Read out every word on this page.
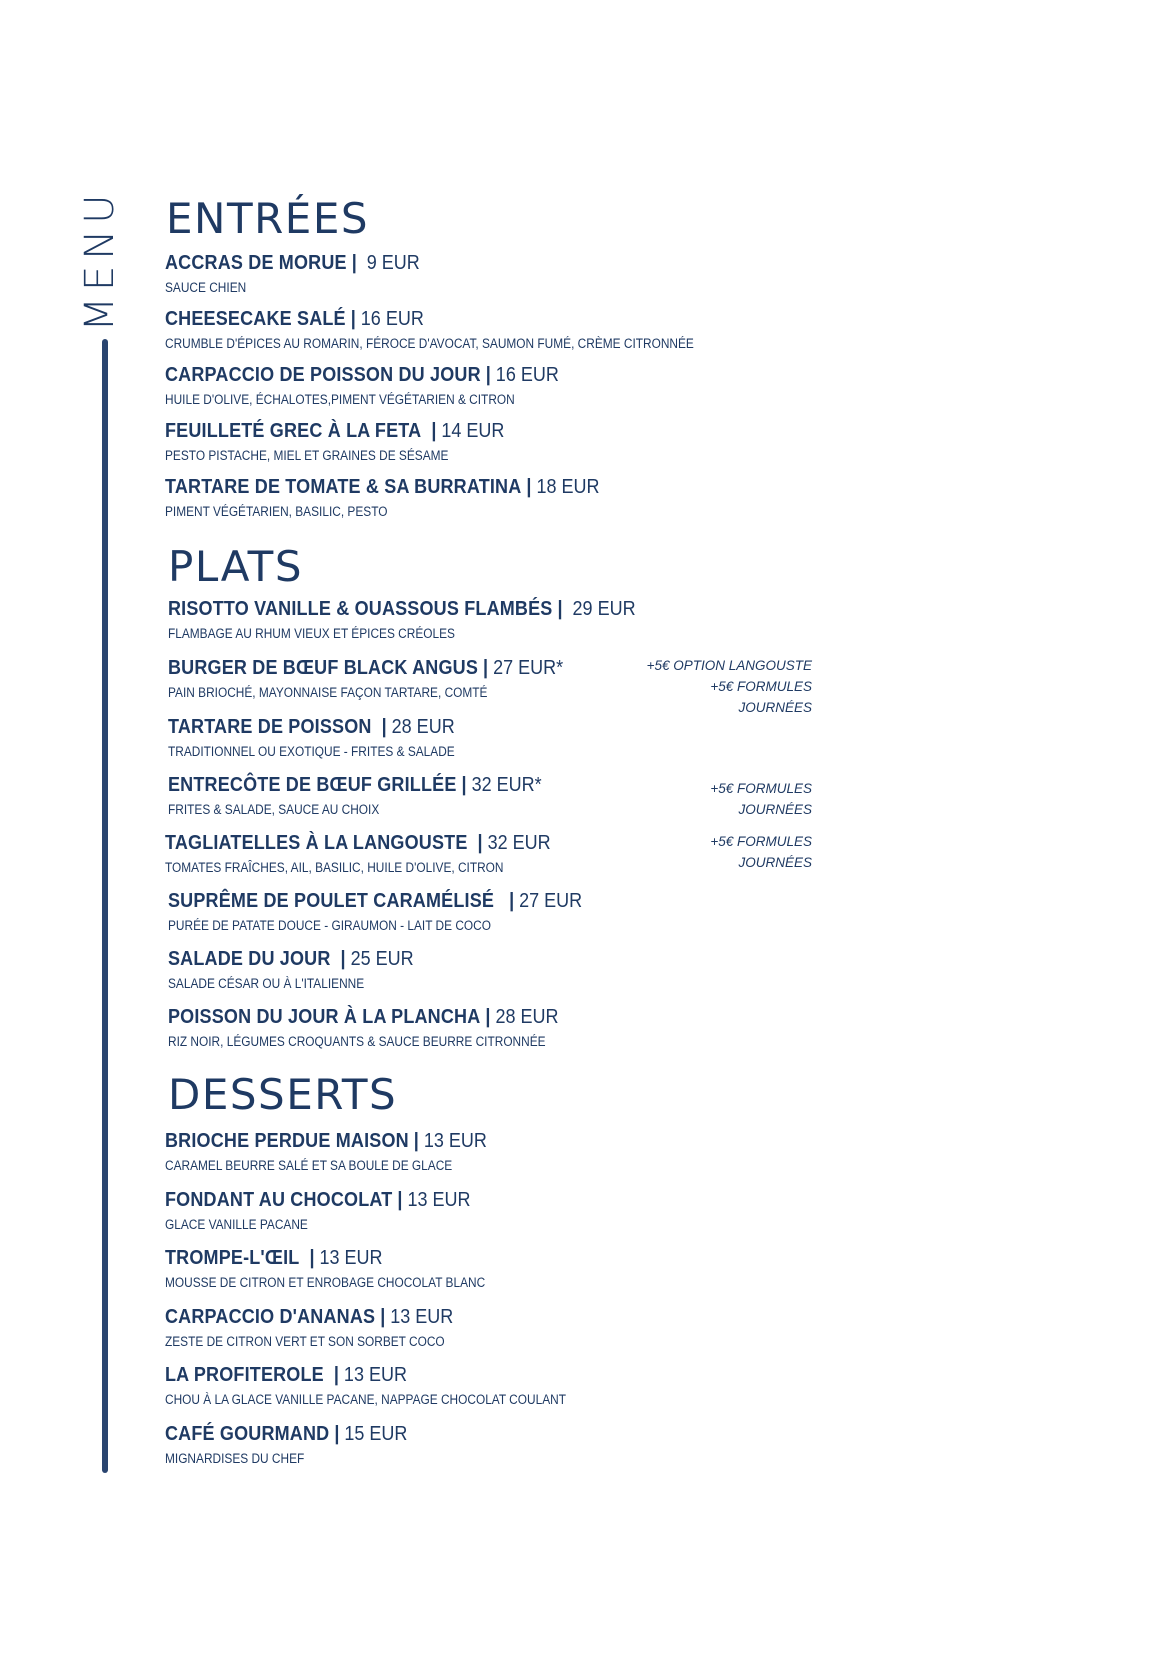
MENU ENTRÉES
ACCRAS DE MORUE | 9 EUR
SAUCE CHIEN
CHEESECAKE SALÉ | 16 EUR
CRUMBLE D'ÉPICES AU ROMARIN, FÉROCE D'AVOCAT, SAUMON FUMÉ, CRÈME CITRONNÉE
CARPACCIO DE POISSON DU JOUR | 16 EUR
HUILE D'OLIVE, ÉCHALOTES,PIMENT VÉGÉTARIEN & CITRON
FEUILLETÉ GREC À LA FETA | 14 EUR
PESTO PISTACHE, MIEL ET GRAINES DE SÉSAME
TARTARE DE TOMATE & SA BURRATINA | 18 EUR
PIMENT VÉGÉTARIEN, BASILIC, PESTO
PLATS
RISOTTO VANILLE & OUASSOUS FLAMBÉS | 29 EUR
FLAMBAGE AU RHUM VIEUX ET ÉPICES CRÉOLES
BURGER DE BŒUF BLACK ANGUS | 27 EUR*
PAIN BRIOCHÉ, MAYONNAISE FAÇON TARTARE, COMTÉ
+5€ OPTION LANGOUSTE
+5€ FORMULES JOURNÉES
TARTARE DE POISSON | 28 EUR
TRADITIONNEL OU EXOTIQUE - FRITES & SALADE
ENTRECÔTE DE BŒUF GRILLÉE | 32 EUR*
FRITES & SALADE, SAUCE AU CHOIX
+5€ FORMULES JOURNÉES
TAGLIATELLES À LA LANGOUSTE | 32 EUR
TOMATES FRAÎCHES, AIL, BASILIC, HUILE D'OLIVE, CITRON
+5€ FORMULES JOURNÉES
SUPRÊME DE POULET CARAMÉLISÉ | 27 EUR
PURÉE DE PATATE DOUCE - GIRAUMON - LAIT DE COCO
SALADE DU JOUR | 25 EUR
SALADE CÉSAR OU À L'ITALIENNE
POISSON DU JOUR À LA PLANCHA | 28 EUR
RIZ NOIR, LÉGUMES CROQUANTS & SAUCE BEURRE CITRONNÉE
DESSERTS
BRIOCHE PERDUE MAISON | 13 EUR
CARAMEL BEURRE SALÉ ET SA BOULE DE GLACE
FONDANT AU CHOCOLAT | 13 EUR
GLACE VANILLE PACANE
TROMPE-L'ŒIL | 13 EUR
MOUSSE DE CITRON ET ENROBAGE CHOCOLAT BLANC
CARPACCIO D'ANANAS | 13 EUR
ZESTE DE CITRON VERT ET SON SORBET COCO
LA PROFITEROLE | 13 EUR
CHOU À LA GLACE VANILLE PACANE, NAPPAGE CHOCOLAT COULANT
CAFÉ GOURMAND | 15 EUR
MIGNARDISES DU CHEF
